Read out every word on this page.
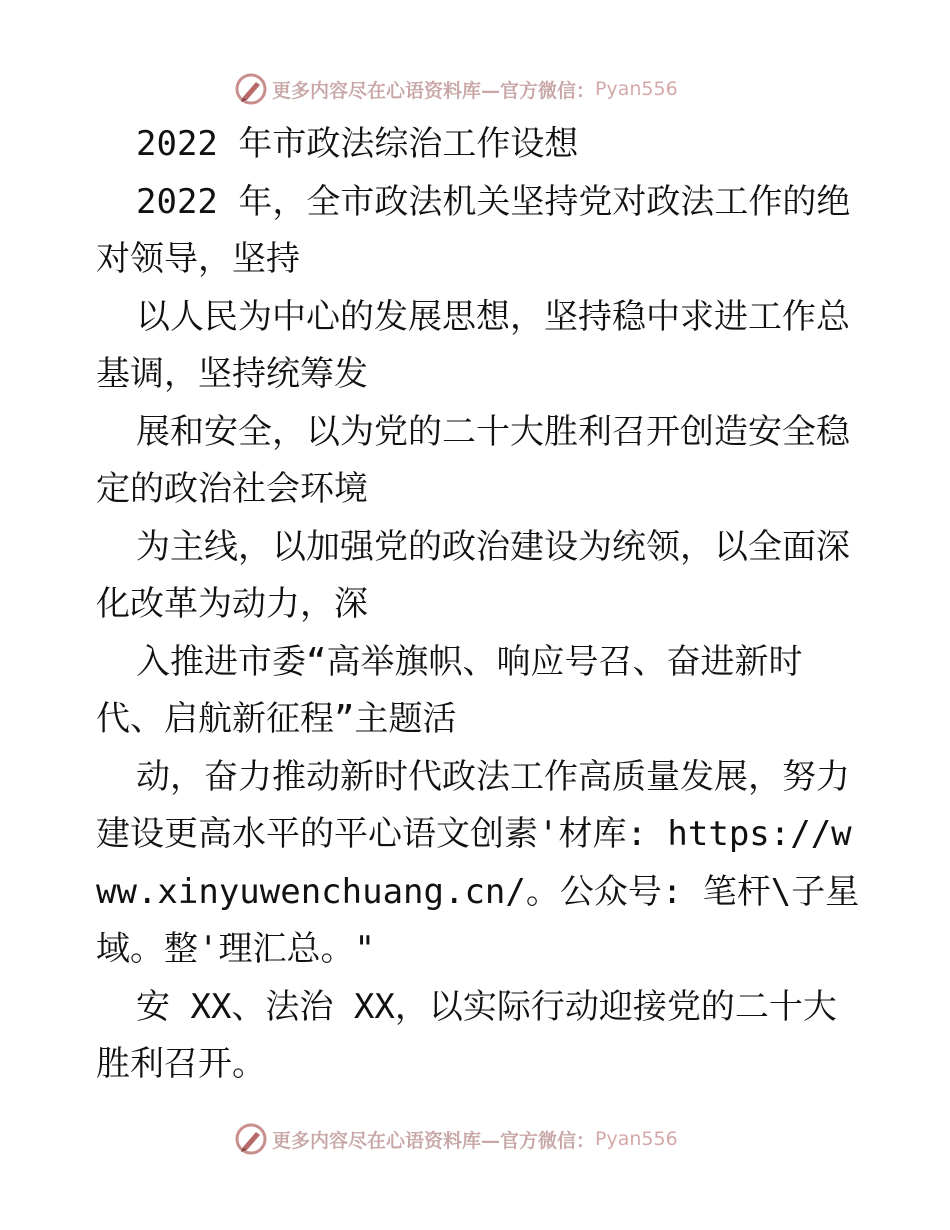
更多内容尽在心语资料库—官方微信： Pyan556

2022 年市政法综治工作设想

2022 年，全市政法机关坚持党对政法工作的绝对领导，坚持

以人民为中心的发展思想，坚持稳中求进工作总基调，坚持统筹发

展和安全，以为党的二十大胜利召开创造安全稳定的政治社会环境

为主线，以加强党的政治建设为统领，以全面深化改革为动力，深

入推进市委“高举旗帜、响应号召、奋进新时代、启航新征程”主题活

动，奋力推动新时代政法工作高质量发展，努力建设更高水平的平心语文创素'材库: https://www.xinyuwenchuang.cn/。公众号: 笔杆\子星域。整'理汇总。"

安 XX、法治 XX，以实际行动迎接党的二十大胜利召开。

更多内容尽在心语资料库—官方微信： Pyan556
